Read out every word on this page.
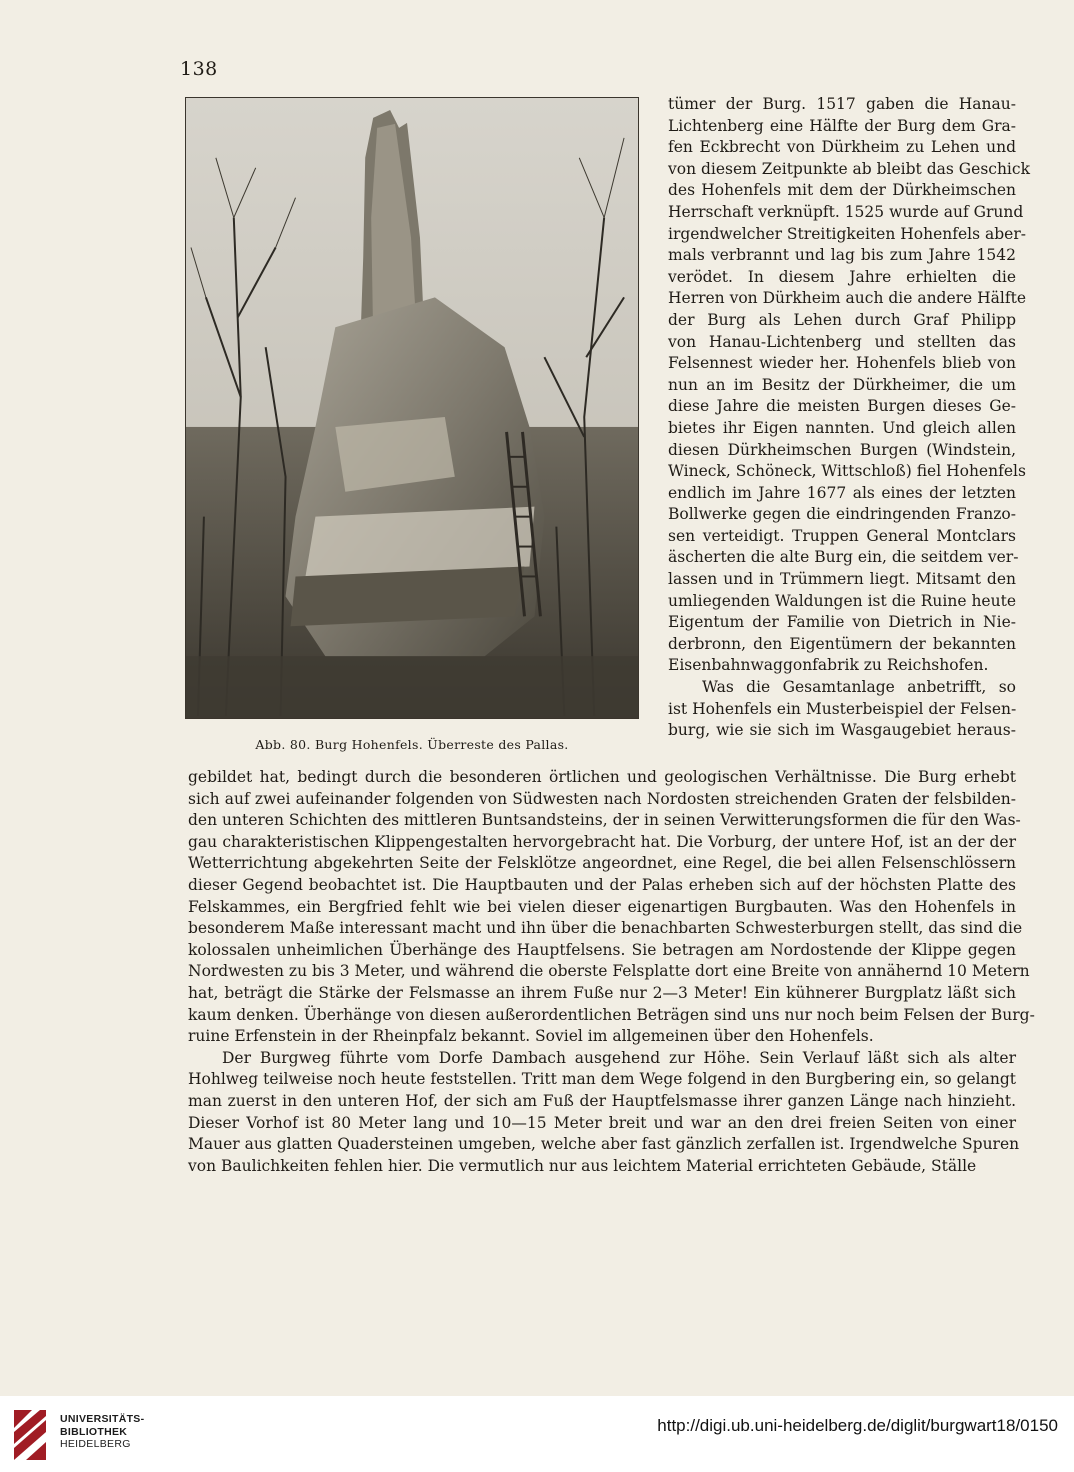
138
Abb. 80. Burg Hohenfels. Überreste des Pallas.
tümer der Burg. 1517 gaben die Hanau-
Lichtenberg eine Hälfte der Burg dem Gra-
fen Eckbrecht von Dürkheim zu Lehen und
von diesem Zeitpunkte ab bleibt das Geschick
des Hohenfels mit dem der Dürkheimschen
Herrschaft verknüpft. 1525 wurde auf Grund
irgendwelcher Streitigkeiten Hohenfels aber-
mals verbrannt und lag bis zum Jahre 1542
verödet. In diesem Jahre erhielten die
Herren von Dürkheim auch die andere Hälfte
der Burg als Lehen durch Graf Philipp
von Hanau-Lichtenberg und stellten das
Felsennest wieder her. Hohenfels blieb von
nun an im Besitz der Dürkheimer, die um
diese Jahre die meisten Burgen dieses Ge-
bietes ihr Eigen nannten. Und gleich allen
diesen Dürkheimschen Burgen (Windstein,
Wineck, Schöneck, Wittschloß) fiel Hohenfels
endlich im Jahre 1677 als eines der letzten
Bollwerke gegen die eindringenden Franzo-
sen verteidigt. Truppen General Montclars
äscherten die alte Burg ein, die seitdem ver-
lassen und in Trümmern liegt. Mitsamt den
umliegenden Waldungen ist die Ruine heute
Eigentum der Familie von Dietrich in Nie-
derbronn, den Eigentümern der bekannten
Eisenbahnwaggonfabrik zu Reichshofen.
Was die Gesamtanlage anbetrifft, so
ist Hohenfels ein Musterbeispiel der Felsen-
burg, wie sie sich im Wasgaugebiet heraus-
gebildet hat, bedingt durch die besonderen örtlichen und geologischen Verhältnisse. Die Burg erhebt
sich auf zwei aufeinander folgenden von Südwesten nach Nordosten streichenden Graten der felsbilden-
den unteren Schichten des mittleren Buntsandsteins, der in seinen Verwitterungsformen die für den Was-
gau charakteristischen Klippengestalten hervorgebracht hat. Die Vorburg, der untere Hof, ist an der der
Wetterrichtung abgekehrten Seite der Felsklötze angeordnet, eine Regel, die bei allen Felsenschlössern
dieser Gegend beobachtet ist. Die Hauptbauten und der Palas erheben sich auf der höchsten Platte des
Felskammes, ein Bergfried fehlt wie bei vielen dieser eigenartigen Burgbauten. Was den Hohenfels in
besonderem Maße interessant macht und ihn über die benachbarten Schwesterburgen stellt, das sind die
kolossalen unheimlichen Überhänge des Hauptfelsens. Sie betragen am Nordostende der Klippe gegen
Nordwesten zu bis 3 Meter, und während die oberste Felsplatte dort eine Breite von annähernd 10 Metern
hat, beträgt die Stärke der Felsmasse an ihrem Fuße nur 2—3 Meter! Ein kühnerer Burgplatz läßt sich
kaum denken. Überhänge von diesen außerordentlichen Beträgen sind uns nur noch beim Felsen der Burg-
ruine Erfenstein in der Rheinpfalz bekannt. Soviel im allgemeinen über den Hohenfels.
Der Burgweg führte vom Dorfe Dambach ausgehend zur Höhe. Sein Verlauf läßt sich als alter
Hohlweg teilweise noch heute feststellen. Tritt man dem Wege folgend in den Burgbering ein, so gelangt
man zuerst in den unteren Hof, der sich am Fuß der Hauptfelsmasse ihrer ganzen Länge nach hinzieht.
Dieser Vorhof ist 80 Meter lang und 10—15 Meter breit und war an den drei freien Seiten von einer
Mauer aus glatten Quadersteinen umgeben, welche aber fast gänzlich zerfallen ist. Irgendwelche Spuren
von Baulichkeiten fehlen hier. Die vermutlich nur aus leichtem Material errichteten Gebäude, Ställe
UNIVERSITÄTS-
BIBLIOTHEK
HEIDELBERG
http://digi.ub.uni-heidelberg.de/diglit/burgwart18/0150
